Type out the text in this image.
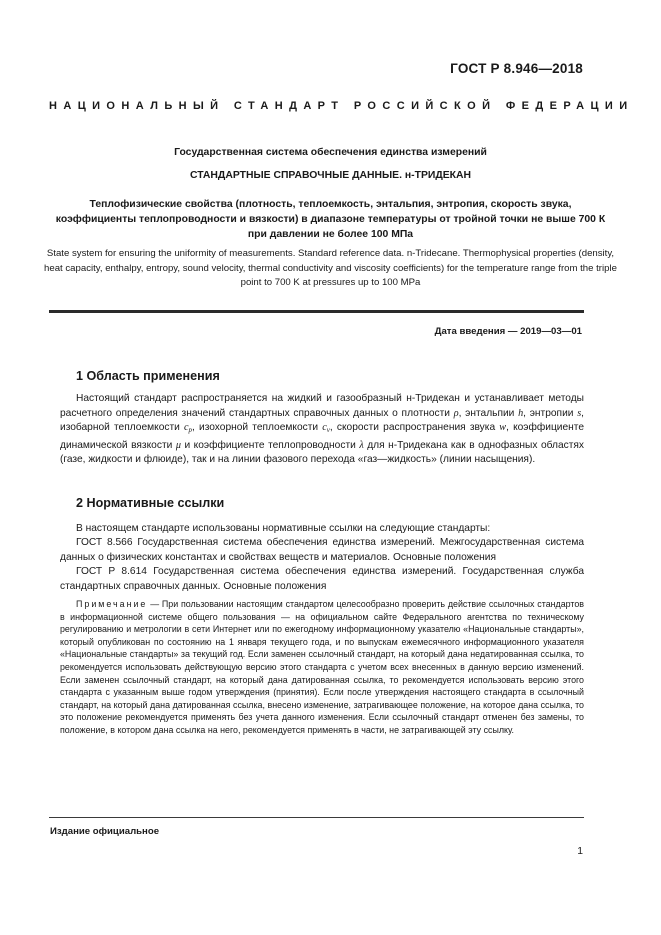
ГОСТ Р 8.946—2018
НАЦИОНАЛЬНЫЙ СТАНДАРТ РОССИЙСКОЙ ФЕДЕРАЦИИ
Государственная система обеспечения единства измерений
СТАНДАРТНЫЕ СПРАВОЧНЫЕ ДАННЫЕ. н-ТРИДЕКАН
Теплофизические свойства (плотность, теплоемкость, энтальпия, энтропия, скорость звука, коэффициенты теплопроводности и вязкости) в диапазоне температуры от тройной точки не выше 700 К при давлении не более 100 МПа
State system for ensuring the uniformity of measurements. Standard reference data. n-Tridecane. Thermophysical properties (density, heat capacity, enthalpy, entropy, sound velocity, thermal conductivity and viscosity coefficients) for the temperature range from the triple point to 700 K at pressures up to 100 MPa
Дата введения — 2019—03—01
1 Область применения

Настоящий стандарт распространяется на жидкий и газообразный н-Тридекан и устанавливает методы расчетного определения значений стандартных справочных данных о плотности ρ, энтальпии h, энтропии s, изобарной теплоемкости $c_p$, изохорной теплоемкости $c_v$, скорости распространения звука w, коэффициенте динамической вязкости μ и коэффициенте теплопроводности λ для н-Тридекана как в однофазных областях (газе, жидкости и флюиде), так и на линии фазового перехода «газ—жидкость» (линии насыщения).

2 Нормативные ссылки

В настоящем стандарте использованы нормативные ссылки на следующие стандарты:

ГОСТ 8.566 Государственная система обеспечения единства измерений. Межгосударственная система данных о физических константах и свойствах веществ и материалов. Основные положения

ГОСТ Р 8.614 Государственная система обеспечения единства измерений. Государственная служба стандартных справочных данных. Основные положения

Примечание — При пользовании настоящим стандартом целесообразно проверить действие ссылочных стандартов в информационной системе общего пользования — на официальном сайте Федерального агентства по техническому регулированию и метрологии в сети Интернет или по ежегодному информационному указателю «Национальные стандарты», который опубликован по состоянию на 1 января текущего года, и по выпускам ежемесячного информационного указателя «Национальные стандарты» за текущий год. Если заменен ссылочный стандарт, на который дана недатированная ссылка, то рекомендуется использовать действующую версию этого стандарта с учетом всех внесенных в данную версию изменений. Если заменен ссылочный стандарт, на который дана датированная ссылка, то рекомендуется использовать версию этого стандарта с указанным выше годом утверждения (принятия). Если после утверждения настоящего стандарта в ссылочный стандарт, на который дана датированная ссылка, внесено изменение, затрагивающее положение, на которое дана ссылка, то это положение рекомендуется применять без учета данного изменения. Если ссылочный стандарт отменен без замены, то положение, в котором дана ссылка на него, рекомендуется применять в части, не затрагивающей эту ссылку.

Издание официальное
1
